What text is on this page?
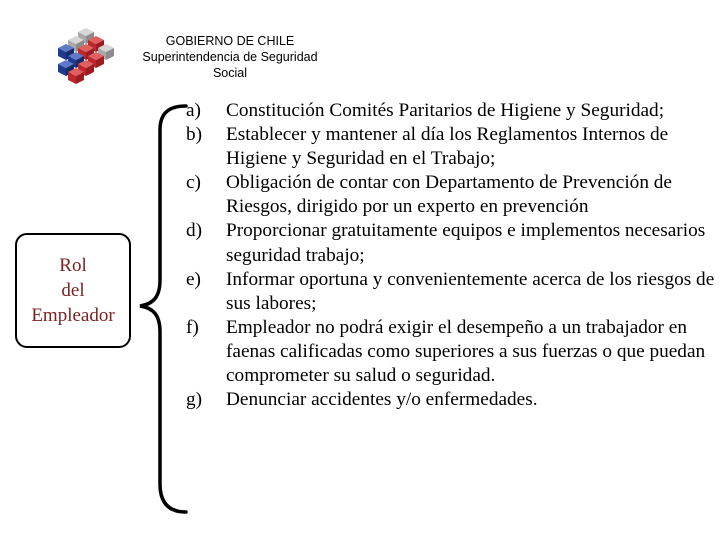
GOBIERNO DE CHILE
Superintendencia de Seguridad
Social
Rol
del
Empleador
a) Constitución Comités Paritarios de Higiene y Seguridad;
b) Establecer y mantener al día los Reglamentos Internos de Higiene y Seguridad en el Trabajo;
c) Obligación de contar con Departamento de Prevención de Riesgos, dirigido por un experto en prevención
d) Proporcionar gratuitamente equipos e implementos necesarios seguridad trabajo;
e) Informar oportuna y convenientemente acerca de los riesgos de sus labores;
f) Empleador no podrá exigir el desempeño a un trabajador en faenas calificadas como superiores a sus fuerzas o que puedan comprometer su salud o seguridad.
g) Denunciar accidentes y/o enfermedades.
